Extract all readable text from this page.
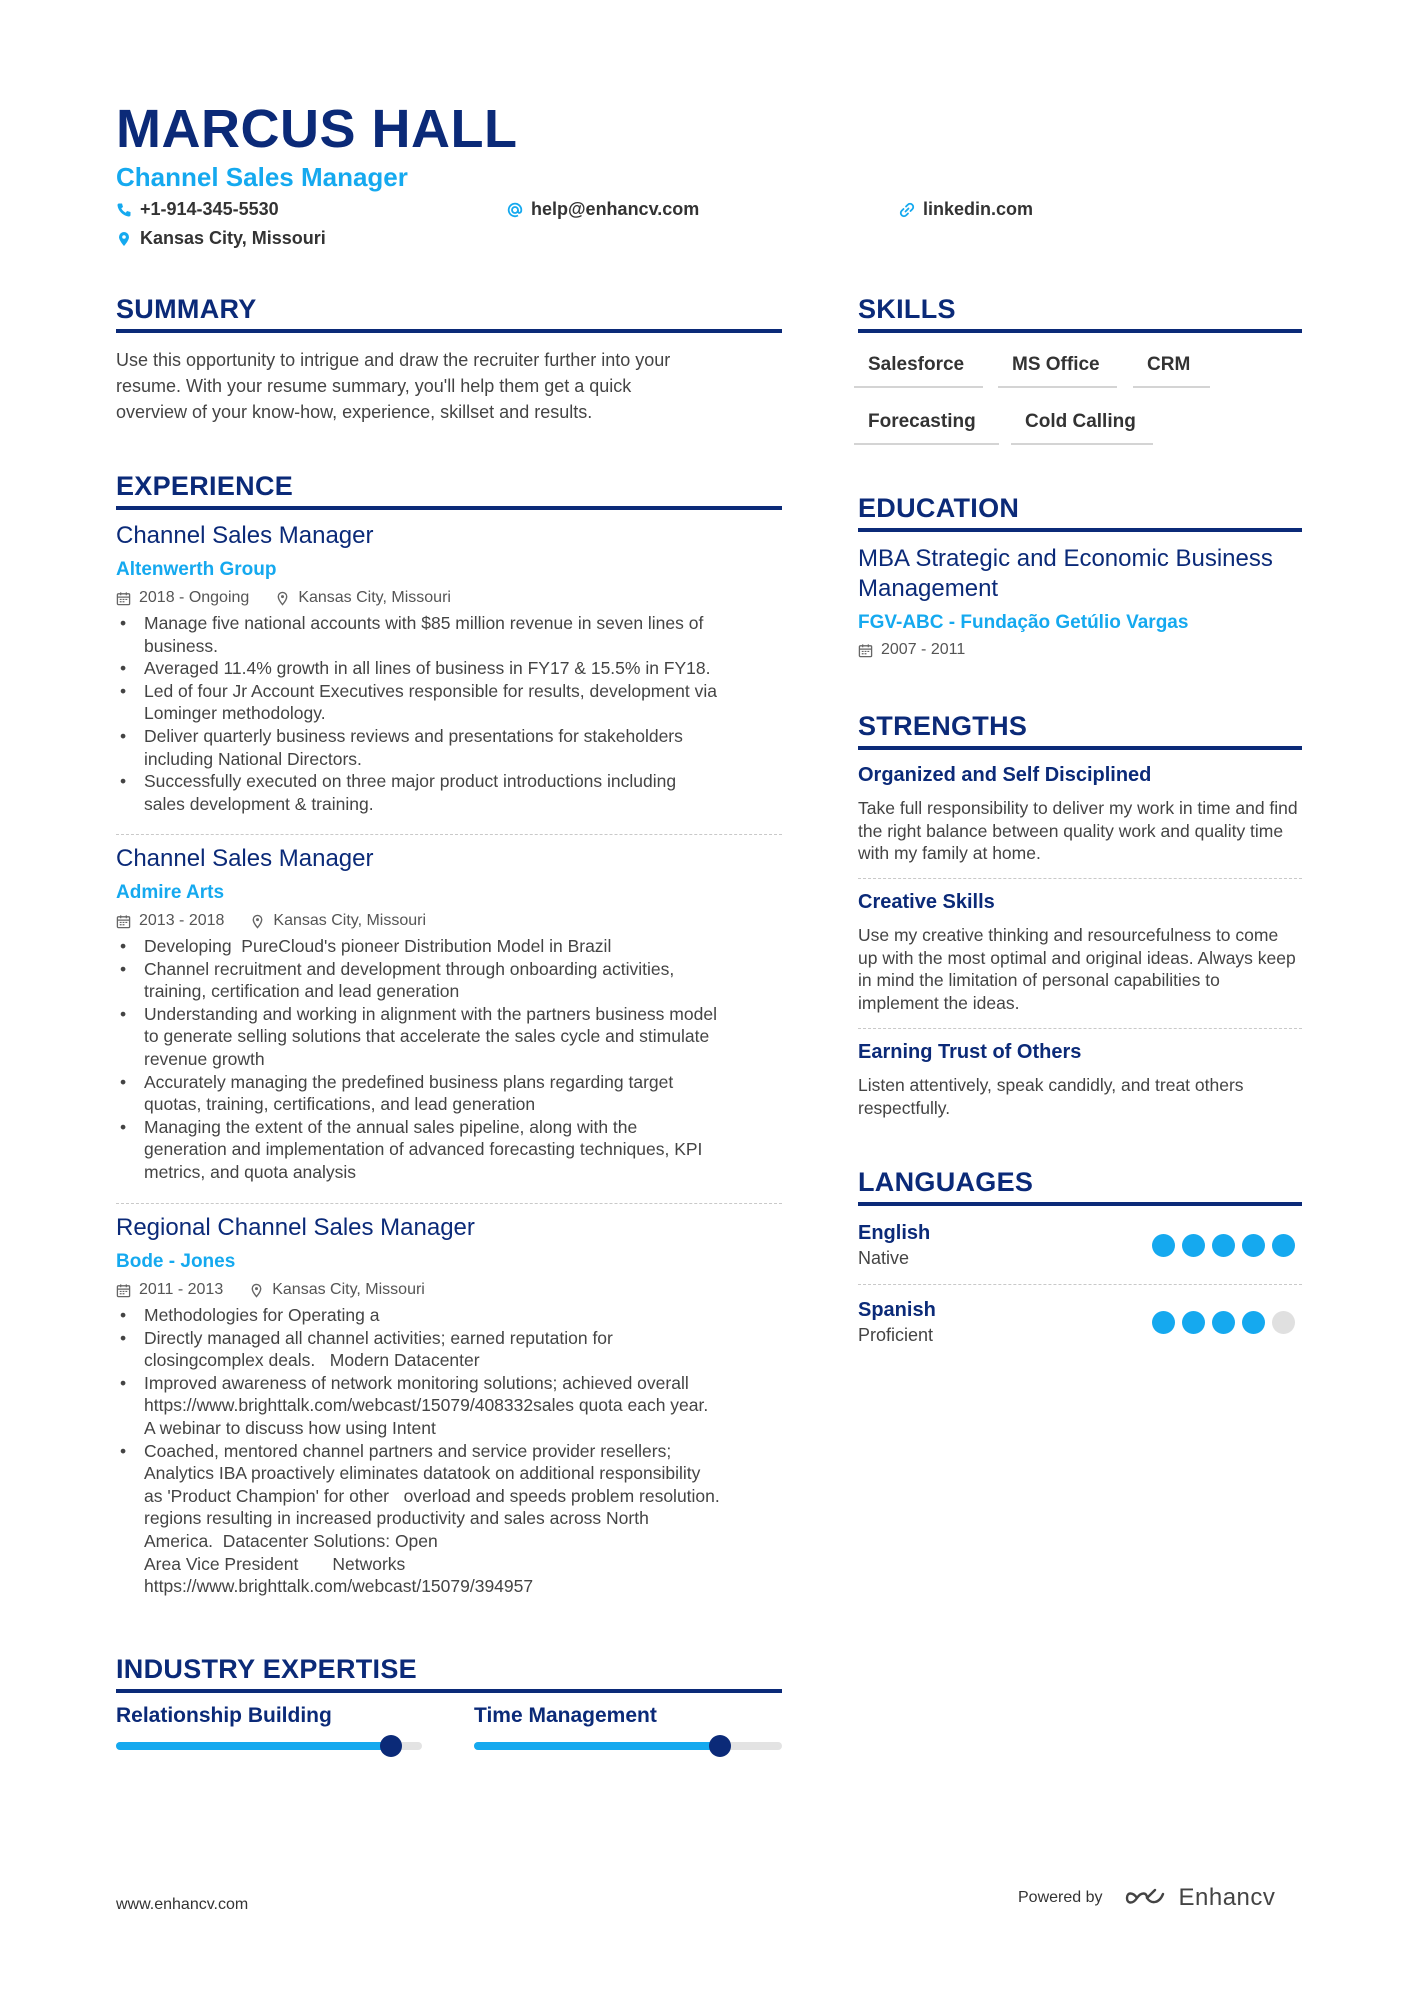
MARCUS HALL
Channel Sales Manager
+1-914-345-5530	help@enhancv.com	linkedin.com
Kansas City, Missouri
SUMMARY
Use this opportunity to intrigue and draw the recruiter further into your
resume. With your resume summary, you'll help them get a quick
overview of your know-how, experience, skillset and results.
EXPERIENCE
Channel Sales Manager
Altenwerth Group
2018 - Ongoing	Kansas City, Missouri
• Manage five national accounts with $85 million revenue in seven lines of
business.
• Averaged 11.4% growth in all lines of business in FY17 & 15.5% in FY18.
• Led of four Jr Account Executives responsible for results, development via
Lominger methodology.
• Deliver quarterly business reviews and presentations for stakeholders
including National Directors.
• Successfully executed on three major product introductions including
sales development & training.
Channel Sales Manager
Admire Arts
2013 - 2018	Kansas City, Missouri
• Developing  PureCloud's pioneer Distribution Model in Brazil
• Channel recruitment and development through onboarding activities,
training, certification and lead generation
• Understanding and working in alignment with the partners business model
to generate selling solutions that accelerate the sales cycle and stimulate
revenue growth
• Accurately managing the predefined business plans regarding target
quotas, training, certifications, and lead generation
• Managing the extent of the annual sales pipeline, along with the
generation and implementation of advanced forecasting techniques, KPI
metrics, and quota analysis
Regional Channel Sales Manager
Bode - Jones
2011 - 2013	Kansas City, Missouri
• Methodologies for Operating a
• Directly managed all channel activities; earned reputation for
closingcomplex deals.   Modern Datacenter
• Improved awareness of network monitoring solutions; achieved overall
https://www.brighttalk.com/webcast/15079/408332sales quota each year.
A webinar to discuss how using Intent
• Coached, mentored channel partners and service provider resellers;
Analytics IBA proactively eliminates datatook on additional responsibility
as 'Product Champion' for other   overload and speeds problem resolution.
regions resulting in increased productivity and sales across North
America.  Datacenter Solutions: Open
Area Vice President       Networks
https://www.brighttalk.com/webcast/15079/394957
INDUSTRY EXPERTISE
Relationship Building	Time Management
SKILLS
Salesforce	MS Office	CRM
Forecasting	Cold Calling
EDUCATION
MBA Strategic and Economic Business Management
FGV-ABC - Fundação Getúlio Vargas
2007 - 2011
STRENGTHS
Organized and Self Disciplined
Take full responsibility to deliver my work in time and find the right balance between quality work and quality time with my family at home.
Creative Skills
Use my creative thinking and resourcefulness to come up with the most optimal and original ideas. Always keep in mind the limitation of personal capabilities to implement the ideas.
Earning Trust of Others
Listen attentively, speak candidly, and treat others respectfully.
LANGUAGES
English
Native
Spanish
Proficient
www.enhancv.com	Powered by	Enhancv
